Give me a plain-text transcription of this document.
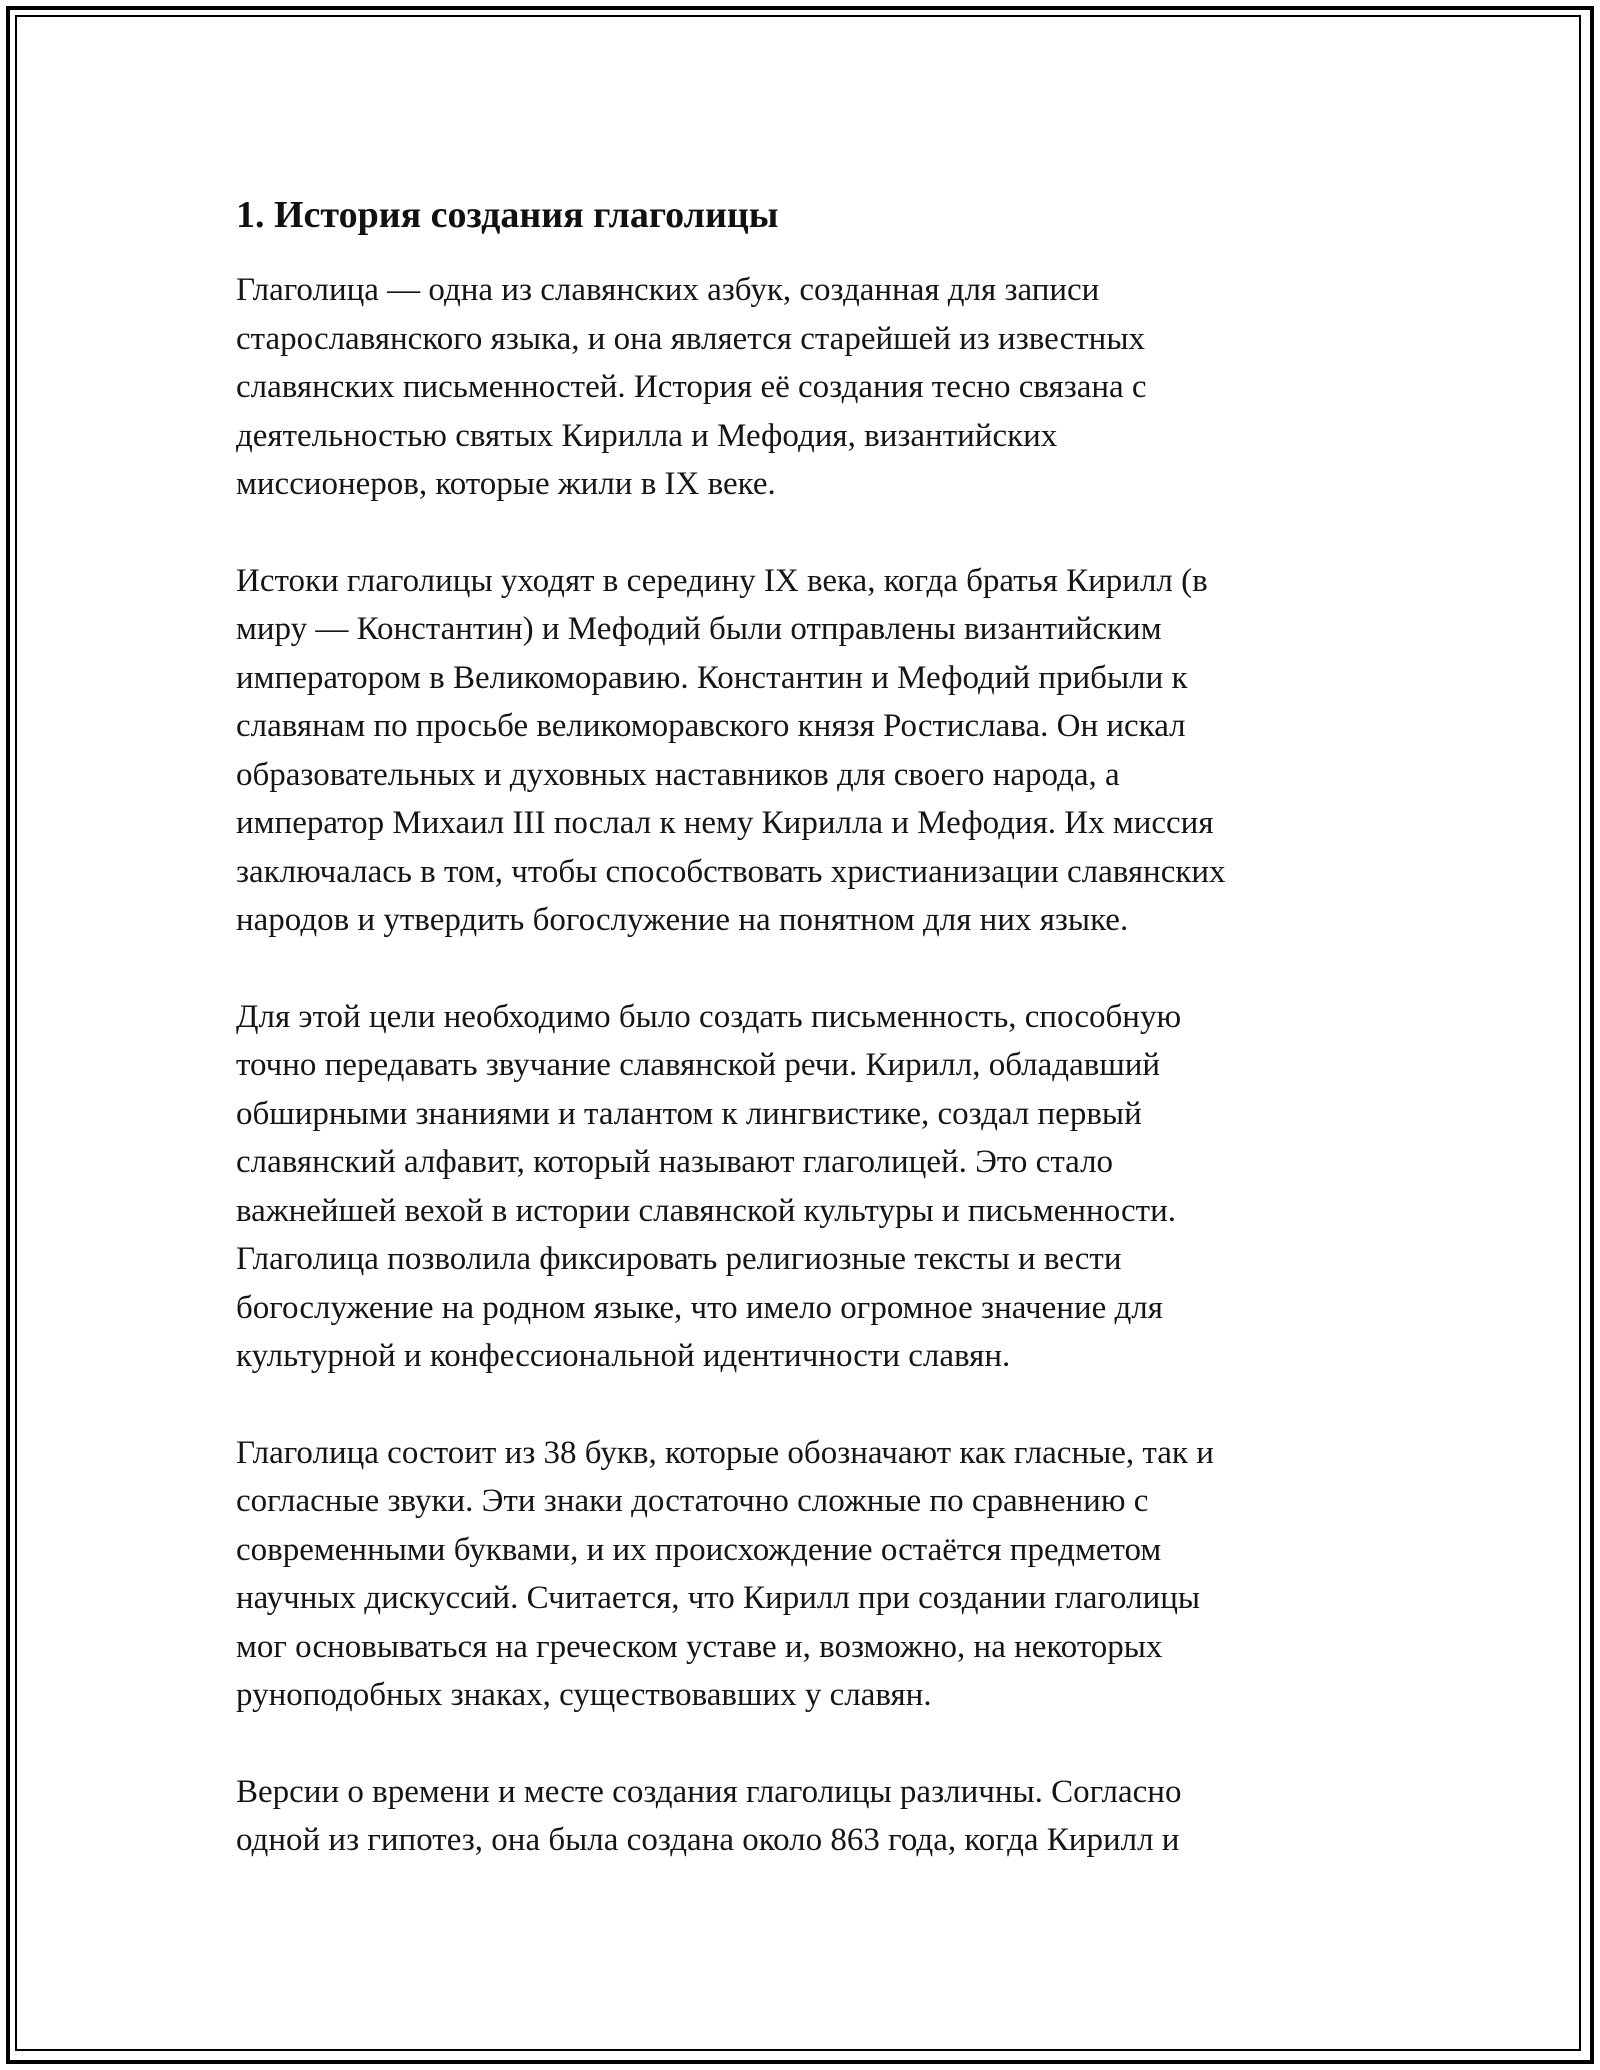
1. История создания глаголицы

Глаголица — одна из славянских азбук, созданная для записи
старославянского языка, и она является старейшей из известных
славянских письменностей. История её создания тесно связана с
деятельностью святых Кирилла и Мефодия, византийских
миссионеров, которые жили в IX веке.

Истоки глаголицы уходят в середину IX века, когда братья Кирилл (в
миру — Константин) и Мефодий были отправлены византийским
императором в Великоморавию. Константин и Мефодий прибыли к
славянам по просьбе великоморавского князя Ростислава. Он искал
образовательных и духовных наставников для своего народа, а
император Михаил III послал к нему Кирилла и Мефодия. Их миссия
заключалась в том, чтобы способствовать христианизации славянских
народов и утвердить богослужение на понятном для них языке.

Для этой цели необходимо было создать письменность, способную
точно передавать звучание славянской речи. Кирилл, обладавший
обширными знаниями и талантом к лингвистике, создал первый
славянский алфавит, который называют глаголицей. Это стало
важнейшей вехой в истории славянской культуры и письменности.
Глаголица позволила фиксировать религиозные тексты и вести
богослужение на родном языке, что имело огромное значение для
культурной и конфессиональной идентичности славян.

Глаголица состоит из 38 букв, которые обозначают как гласные, так и
согласные звуки. Эти знаки достаточно сложные по сравнению с
современными буквами, и их происхождение остаётся предметом
научных дискуссий. Считается, что Кирилл при создании глаголицы
мог основываться на греческом уставе и, возможно, на некоторых
руноподобных знаках, существовавших у славян.

Версии о времени и месте создания глаголицы различны. Согласно
одной из гипотез, она была создана около 863 года, когда Кирилл и
